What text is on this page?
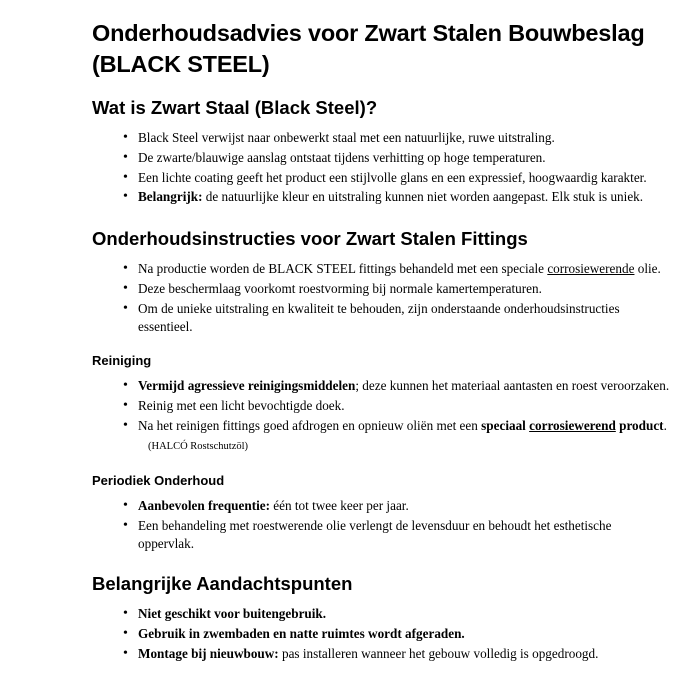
Onderhoudsadvies voor Zwart Stalen Bouwbeslag (BLACK STEEL)
Wat is Zwart Staal (Black Steel)?
• Black Steel verwijst naar onbewerkt staal met een natuurlijke, ruwe uitstraling.
• De zwarte/blauwige aanslag ontstaat tijdens verhitting op hoge temperaturen.
• Een lichte coating geeft het product een stijlvolle glans en een expressief, hoogwaardig karakter.
• Belangrijk: de natuurlijke kleur en uitstraling kunnen niet worden aangepast. Elk stuk is uniek.
Onderhoudsinstructies voor Zwart Stalen Fittings
• Na productie worden de BLACK STEEL fittings behandeld met een speciale corrosiewerende olie.
• Deze beschermlaag voorkomt roestvorming bij normale kamertemperaturen.
• Om de unieke uitstraling en kwaliteit te behouden, zijn onderstaande onderhoudsinstructies essentieel.
Reiniging
• Vermijd agressieve reinigingsmiddelen; deze kunnen het materiaal aantasten en roest veroorzaken.
• Reinig met een licht bevochtigde doek.
• Na het reinigen fittings goed afdrogen en opnieuw oliën met een speciaal corrosiewerend product.(HALCÓ Rostschutzöl)
Periodiek Onderhoud
• Aanbevolen frequentie: één tot twee keer per jaar.
• Een behandeling met roestwerende olie verlengt de levensduur en behoudt het esthetische oppervlak.
Belangrijke Aandachtspunten
• Niet geschikt voor buitengebruik.
• Gebruik in zwembaden en natte ruimtes wordt afgeraden.
• Montage bij nieuwbouw: pas installeren wanneer het gebouw volledig is opgedroogd.
